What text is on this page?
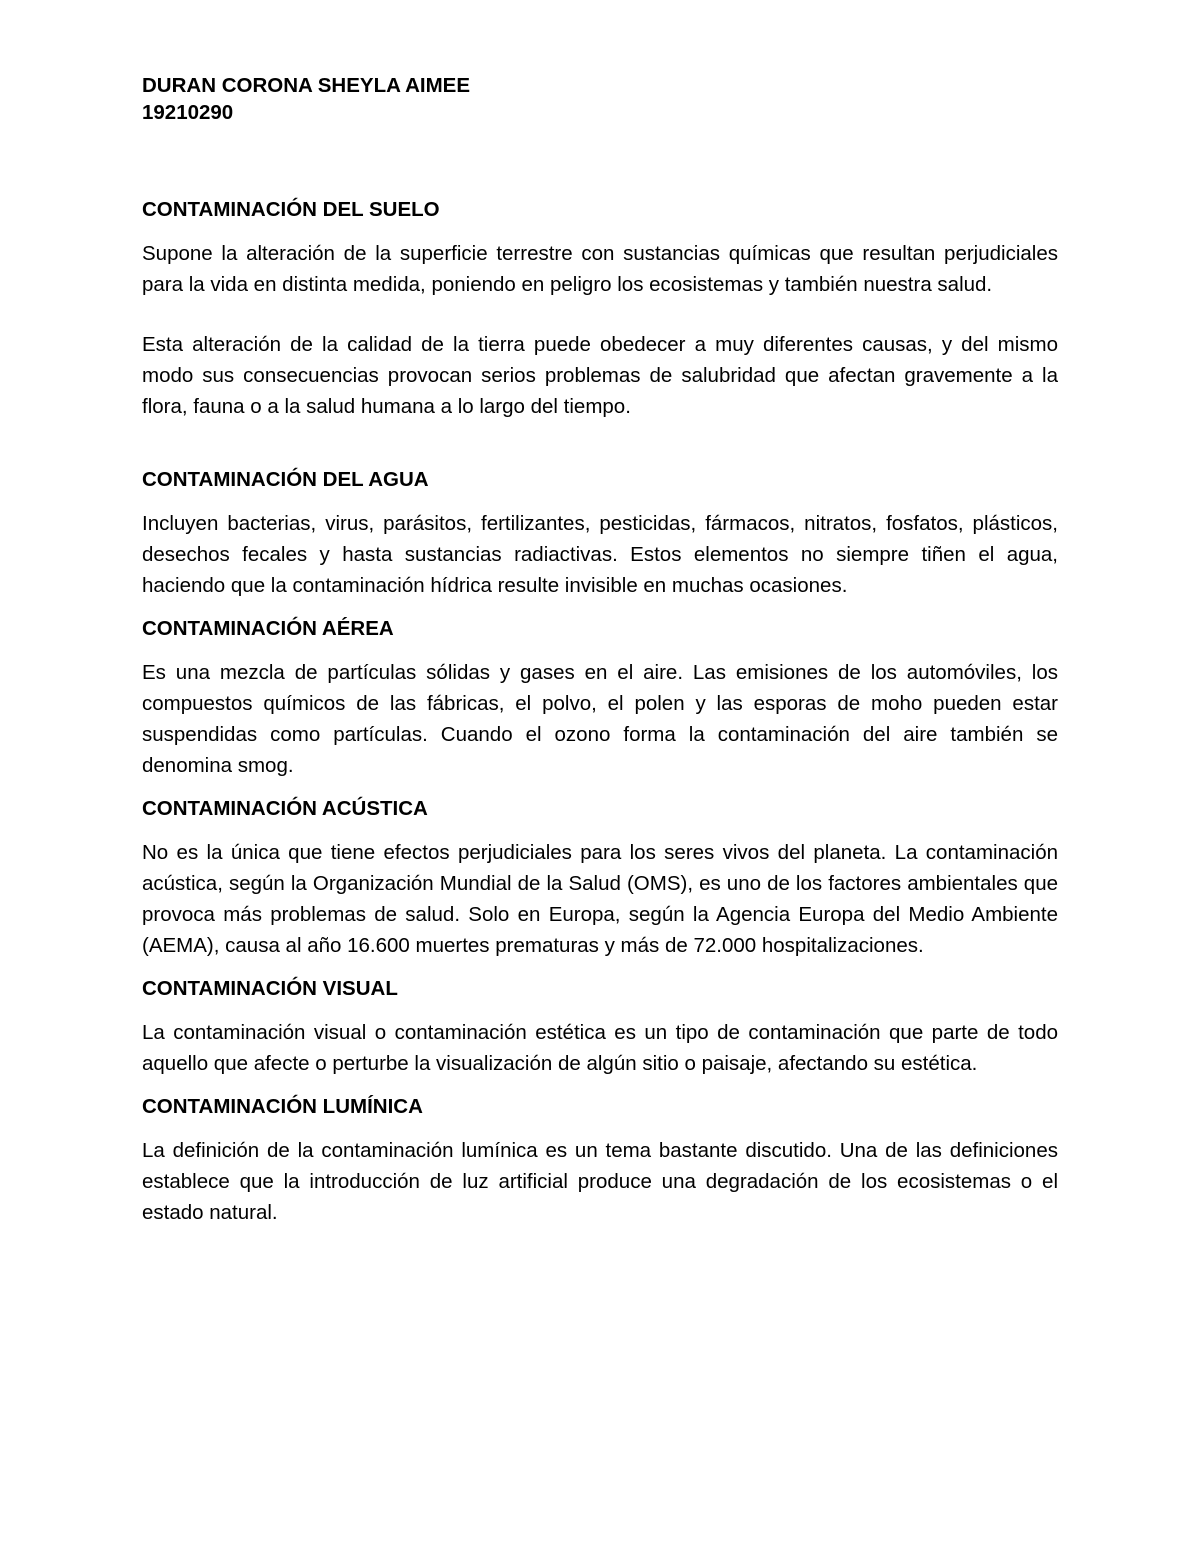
DURAN CORONA SHEYLA AIMEE

19210290

CONTAMINACIÓN DEL SUELO

Supone la alteración de la superficie terrestre con sustancias químicas que resultan perjudiciales para la vida en distinta medida, poniendo en peligro los ecosistemas y también nuestra salud.

Esta alteración de la calidad de la tierra puede obedecer a muy diferentes causas, y del mismo modo sus consecuencias provocan serios problemas de salubridad que afectan gravemente a la flora, fauna o a la salud humana a lo largo del tiempo.

CONTAMINACIÓN DEL AGUA

Incluyen bacterias, virus, parásitos, fertilizantes, pesticidas, fármacos, nitratos, fosfatos, plásticos, desechos fecales y hasta sustancias radiactivas. Estos elementos no siempre tiñen el agua, haciendo que la contaminación hídrica resulte invisible en muchas ocasiones.

CONTAMINACIÓN AÉREA

Es una mezcla de partículas sólidas y gases en el aire. Las emisiones de los automóviles, los compuestos químicos de las fábricas, el polvo, el polen y las esporas de moho pueden estar suspendidas como partículas. Cuando el ozono forma la contaminación del aire también se denomina smog.

CONTAMINACIÓN ACÚSTICA

No es la única que tiene efectos perjudiciales para los seres vivos del planeta. La contaminación acústica, según la Organización Mundial de la Salud (OMS), es uno de los factores ambientales que provoca más problemas de salud. Solo en Europa, según la Agencia Europa del Medio Ambiente (AEMA), causa al año 16.600 muertes prematuras y más de 72.000 hospitalizaciones.

CONTAMINACIÓN VISUAL

La contaminación visual o contaminación estética es un tipo de contaminación que parte de todo aquello que afecte o perturbe la visualización de algún sitio o paisaje, afectando su estética.

CONTAMINACIÓN LUMÍNICA

La definición de la contaminación lumínica es un tema bastante discutido. Una de las definiciones establece que la introducción de luz artificial produce una degradación de los ecosistemas o el estado natural.
